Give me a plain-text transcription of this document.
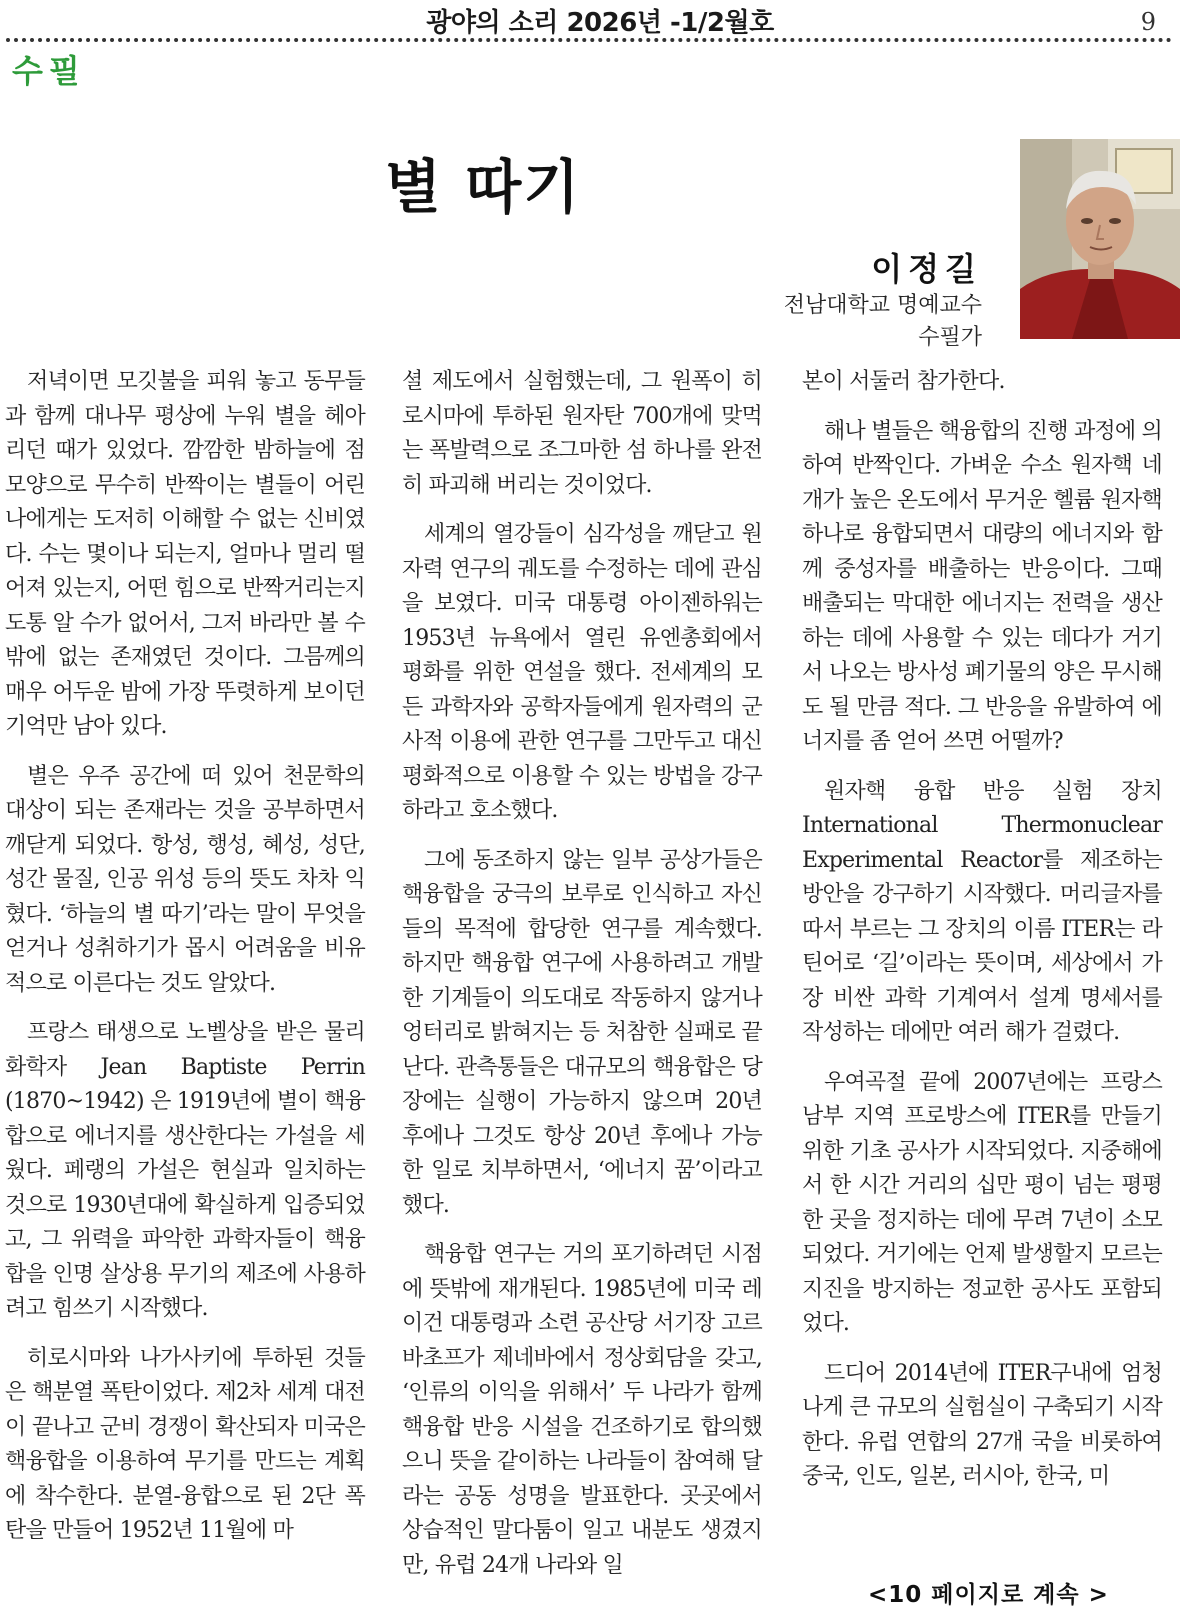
광야의 소리 2026년 -1/2월호	9
수필
별 따기
이정길
전남대학교 명예교수
수필가

저녁이면 모깃불을 피워 놓고 동무들과 함께 대나무 평상에 누워 별을 헤아리던 때가 있었다. 깜깜한 밤하늘에 점 모양으로 무수히 반짝이는 별들이 어린 나에게는 도저히 이해할 수 없는 신비였다. 수는 몇이나 되는지, 얼마나 멀리 떨어져 있는지, 어떤 힘으로 반짝거리는지 도통 알 수가 없어서, 그저 바라만 볼 수밖에 없는 존재였던 것이다. 그믐께의 매우 어두운 밤에 가장 뚜렷하게 보이던 기억만 남아 있다.

별은 우주 공간에 떠 있어 천문학의 대상이 되는 존재라는 것을 공부하면서 깨닫게 되었다. 항성, 행성, 혜성, 성단, 성간 물질, 인공 위성 등의 뜻도 차차 익혔다. ‘하늘의 별 따기’라는 말이 무엇을 얻거나 성취하기가 몹시 어려움을 비유적으로 이른다는 것도 알았다.

프랑스 태생으로 노벨상을 받은 물리화학자 Jean Baptiste Perrin (1870~1942) 은 1919년에 별이 핵융합으로 에너지를 생산한다는 가설을 세웠다. 페랭의 가설은 현실과 일치하는 것으로 1930년대에 확실하게 입증되었고, 그 위력을 파악한 과학자들이 핵융합을 인명 살상용 무기의 제조에 사용하려고 힘쓰기 시작했다.

히로시마와 나가사키에 투하된 것들은 핵분열 폭탄이었다. 제2차 세계 대전이 끝나고 군비 경쟁이 확산되자 미국은 핵융합을 이용하여 무기를 만드는 계획에 착수한다. 분열-융합으로 된 2단 폭탄을 만들어 1952년 11월에 마

셜 제도에서 실험했는데, 그 원폭이 히로시마에 투하된 원자탄 700개에 맞먹는 폭발력으로 조그마한 섬 하나를 완전히 파괴해 버리는 것이었다.

세계의 열강들이 심각성을 깨닫고 원자력 연구의 궤도를 수정하는 데에 관심을 보였다. 미국 대통령 아이젠하워는 1953년 뉴욕에서 열린 유엔총회에서 평화를 위한 연설을 했다. 전세계의 모든 과학자와 공학자들에게 원자력의 군사적 이용에 관한 연구를 그만두고 대신 평화적으로 이용할 수 있는 방법을 강구하라고 호소했다.

그에 동조하지 않는 일부 공상가들은 핵융합을 궁극의 보루로 인식하고 자신들의 목적에 합당한 연구를 계속했다. 하지만 핵융합 연구에 사용하려고 개발한 기계들이 의도대로 작동하지 않거나 엉터리로 밝혀지는 등 처참한 실패로 끝난다. 관측통들은 대규모의 핵융합은 당장에는 실행이 가능하지 않으며 20년 후에나 그것도 항상 20년 후에나 가능한 일로 치부하면서, ‘에너지 꿈’이라고 했다.

핵융합 연구는 거의 포기하려던 시점에 뜻밖에 재개된다. 1985년에 미국 레이건 대통령과 소련 공산당 서기장 고르바초프가 제네바에서 정상회담을 갖고, ‘인류의 이익을 위해서’ 두 나라가 함께 핵융합 반응 시설을 건조하기로 합의했으니 뜻을 같이하는 나라들이 참여해 달라는 공동 성명을 발표한다. 곳곳에서 상습적인 말다툼이 일고 내분도 생겼지만, 유럽 24개 나라와 일

본이 서둘러 참가한다.

해나 별들은 핵융합의 진행 과정에 의하여 반짝인다. 가벼운 수소 원자핵 네 개가 높은 온도에서 무거운 헬륨 원자핵 하나로 융합되면서 대량의 에너지와 함께 중성자를 배출하는 반응이다. 그때 배출되는 막대한 에너지는 전력을 생산하는 데에 사용할 수 있는 데다가 거기서 나오는 방사성 폐기물의 양은 무시해도 될 만큼 적다. 그 반응을 유발하여 에너지를 좀 얻어 쓰면 어떨까?

원자핵 융합 반응 실험 장치 International Thermonuclear Experimental Reactor를 제조하는 방안을 강구하기 시작했다. 머리글자를 따서 부르는 그 장치의 이름 ITER는 라틴어로 ‘길’이라는 뜻이며, 세상에서 가장 비싼 과학 기계여서 설계 명세서를 작성하는 데에만 여러 해가 걸렸다.

우여곡절 끝에 2007년에는 프랑스 남부 지역 프로방스에 ITER를 만들기 위한 기초 공사가 시작되었다. 지중해에서 한 시간 거리의 십만 평이 넘는 평평한 곳을 정지하는 데에 무려 7년이 소모되었다. 거기에는 언제 발생할지 모르는 지진을 방지하는 정교한 공사도 포함되었다.

드디어 2014년에 ITER구내에 엄청나게 큰 규모의 실험실이 구축되기 시작한다. 유럽 연합의 27개 국을 비롯하여 중국, 인도, 일본, 러시아, 한국, 미

<10 페이지로 계속 >
